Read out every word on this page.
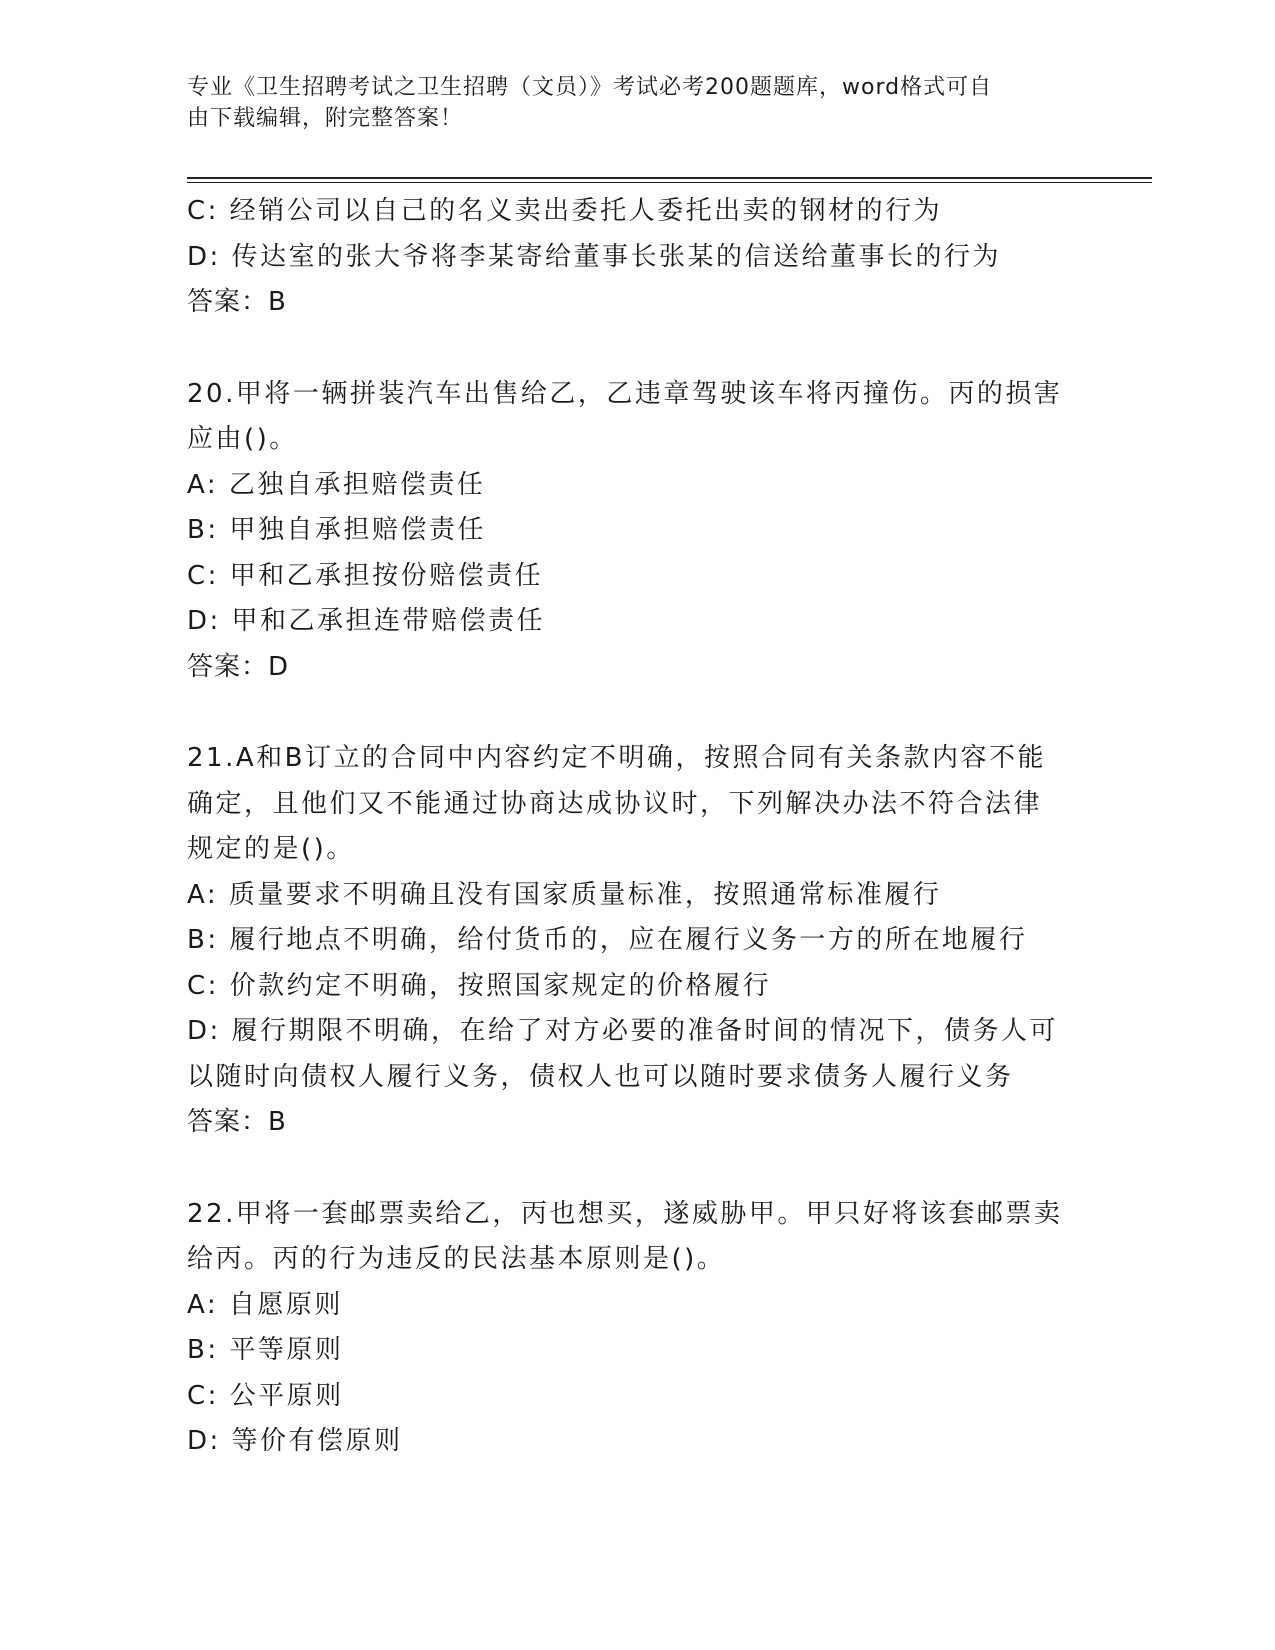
专业《卫生招聘考试之卫生招聘（文员）》考试必考200题题库，word格式可自
由下载编辑，附完整答案！
C: 经销公司以自己的名义卖出委托人委托出卖的钢材的行为
D: 传达室的张大爷将李某寄给董事长张某的信送给董事长的行为
答案：B
20.甲将一辆拼装汽车出售给乙，乙违章驾驶该车将丙撞伤。丙的损害
应由()。
A: 乙独自承担赔偿责任
B: 甲独自承担赔偿责任
C: 甲和乙承担按份赔偿责任
D: 甲和乙承担连带赔偿责任
答案：D
21.A和B订立的合同中内容约定不明确，按照合同有关条款内容不能
确定，且他们又不能通过协商达成协议时，下列解决办法不符合法律
规定的是()。
A: 质量要求不明确且没有国家质量标准，按照通常标准履行
B: 履行地点不明确，给付货币的，应在履行义务一方的所在地履行
C: 价款约定不明确，按照国家规定的价格履行
D: 履行期限不明确，在给了对方必要的准备时间的情况下，债务人可
以随时向债权人履行义务，债权人也可以随时要求债务人履行义务
答案：B
22.甲将一套邮票卖给乙，丙也想买，遂威胁甲。甲只好将该套邮票卖
给丙。丙的行为违反的民法基本原则是()。
A: 自愿原则
B: 平等原则
C: 公平原则
D: 等价有偿原则
